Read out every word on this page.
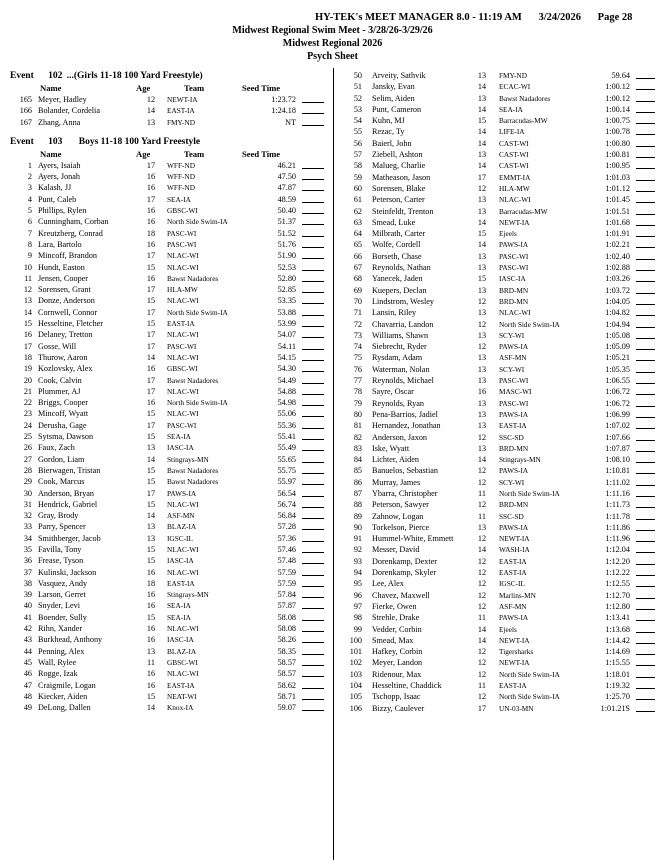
HY-TEK's MEET MANAGER 8.0 - 11:19 AM 3/24/2026 Page 28
Midwest Regional Swim Meet - 3/28/26-3/29/26
Midwest Regional 2026
Psych Sheet
Event 102 ...(Girls 11-18 100 Yard Freestyle)
Name	Age	Team	Seed Time
165 Meyer, Hadley	12	NEWT-IA	1:23.72
166 Bolander, Cordelia	14	EAST-IA	1:24.18
167 Zhang, Anna	13	FMY-ND	NT
Event 103 Boys 11-18 100 Yard Freestyle
Name	Age	Team	Seed Time
1 Ayers, Isaiah	17	WFF-ND	46.21
2 Ayers, Jonah	16	WFF-ND	47.50
3 Kalash, JJ	16	WFF-ND	47.87
4 Punt, Caleb	17	SEA-IA	48.59
5 Phillips, Rylen	16	GBSC-WI	50.40
6 Cunningham, Corban	16	North Side Swim-IA	51.37
7 Kreutzberg, Conrad	18	PASC-WI	51.52
8 Lara, Bartolo	16	PASC-WI	51.76
9 Mincoff, Brandon	17	NLAC-WI	51.90
10 Hundt, Easton	15	NLAC-WI	52.53
11 Jensen, Cooper	16	Bawst Nadadores	52.80
12 Sorensen, Grant	17	HLA-MW	52.85
13 Donze, Anderson	15	NLAC-WI	53.35
14 Cornwell, Connor	17	North Side Swim-IA	53.88
15 Hesseltine, Fletcher	15	EAST-IA	53.99
16 Delaney, Tretton	17	NLAC-WI	54.07
17 Gosse, Will	17	PASC-WI	54.11
18 Thurow, Aaron	14	NLAC-WI	54.15
19 Kozlovsky, Alex	16	GBSC-WI	54.30
20 Cook, Calvin	17	Bawst Nadadores	54.49
21 Plummer, AJ	17	NLAC-WI	54.88
22 Briggs, Cooper	16	North Side Swim-IA	54.98
23 Mincoff, Wyatt	15	NLAC-WI	55.06
24 Derusha, Gage	17	PASC-WI	55.36
25 Sytsma, Dawson	15	SEA-IA	55.41
26 Faux, Zach	13	IASC-IA	55.49
27 Gordon, Liam	14	Stingrays-MN	55.65
28 Bierwagen, Tristan	15	Bawst Nadadores	55.75
29 Cook, Marcus	15	Bawst Nadadores	55.97
30 Anderson, Bryan	17	PAWS-IA	56.54
31 Hendrick, Gabriel	15	NLAC-WI	56.74
32 Gray, Brody	14	ASF-MN	56.84
33 Parry, Spencer	13	BLAZ-IA	57.28
34 Smithberger, Jacob	13	IGSC-IL	57.36
35 Favilla, Tony	15	NLAC-WI	57.46
36 Frease, Tyson	15	IASC-IA	57.48
37 Kulinski, Jackson	16	NLAC-WI	57.59
38 Vasquez, Andy	18	EAST-IA	57.59
39 Larson, Gerret	16	Stingrays-MN	57.84
40 Snyder, Levi	16	SEA-IA	57.87
41 Boender, Sully	15	SEA-IA	58.08
42 Rihn, Xander	16	NLAC-WI	58.08
43 Burkhead, Anthony	16	IASC-IA	58.26
44 Penning, Alex	13	BLAZ-IA	58.35
45 Wall, Rylee	11	GBSC-WI	58.57
46 Rogge, Izak	16	NLAC-WI	58.57
47 Craigmile, Logan	16	EAST-IA	58.62
48 Kiecker, Aiden	15	NEAT-WI	58.71
49 DeLong, Dallen	14	Knox-IA	59.07
50 Arveity, Sathvik	13	FMY-ND	59.64
51 Jansky, Evan	14	ECAC-WI	1:00.12
52 Selim, Aiden	13	Bawst Nadadores	1:00.12
53 Punt, Cameron	14	SEA-IA	1:00.14
54 Kuhn, MJ	15	Barracudas-MW	1:00.75
55 Rezac, Ty	14	LIFE-IA	1:00.78
56 Baierl, John	14	CAST-WI	1:00.80
57 Ziebell, Ashton	13	CAST-WI	1:00.81
58 Malueg, Charlie	14	CAST-WI	1:00.95
59 Matheason, Jason	17	EMMT-IA	1:01.03
60 Sorensen, Blake	12	HLA-MW	1:01.12
61 Peterson, Carter	13	NLAC-WI	1:01.45
62 Steinfeldt, Trenton	13	Barracudas-MW	1:01.51
63 Smead, Luke	14	NEWT-IA	1:01.68
64 Milbrath, Carter	15	Ejeels	1:01.91
65 Wolfe, Cordell	14	PAWS-IA	1:02.21
66 Borseth, Chase	13	PASC-WI	1:02.40
67 Reynolds, Nathan	13	PASC-WI	1:02.88
68 Yanecek, Jaden	15	IASC-IA	1:03.26
69 Kuepers, Declan	13	BRD-MN	1:03.72
70 Lindstrom, Wesley	12	BRD-MN	1:04.05
71 Lansin, Riley	13	NLAC-WI	1:04.82
72 Chavarria, Landon	12	North Side Swim-IA	1:04.94
73 Williams, Shawn	13	SCY-WI	1:05.08
74 Siebrecht, Ryder	12	PAWS-IA	1:05.09
75 Rysdam, Adam	13	ASF-MN	1:05.21
76 Waterman, Nolan	13	SCY-WI	1:05.35
77 Reynolds, Michael	13	PASC-WI	1:06.55
78 Sayre, Oscar	16	MASC-WI	1:06.72
79 Reynolds, Ryan	13	PASC-WI	1:06.72
80 Pena-Barrios, Jadiel	13	PAWS-IA	1:06.99
81 Hernandez, Jonathan	13	EAST-IA	1:07.02
82 Anderson, Jaxon	12	SSC-SD	1:07.66
83 Iske, Wyatt	13	BRD-MN	1:07.87
84 Lichter, Aiden	14	Stingrays-MN	1:08.10
85 Banuelos, Sebastian	12	PAWS-IA	1:10.81
86 Murray, James	12	SCY-WI	1:11.02
87 Ybarra, Christopher	11	North Side Swim-IA	1:11.16
88 Peterson, Sawyer	12	BRD-MN	1:11.73
89 Zahnow, Logan	11	SSC-SD	1:11.78
90 Torkelson, Pierce	13	PAWS-IA	1:11.86
91 Hummel-White, Emmett	12	NEWT-IA	1:11.96
92 Messer, David	14	WASH-IA	1:12.04
93 Dorenkamp, Dexter	12	EAST-IA	1:12.20
94 Dorenkamp, Skyler	12	EAST-IA	1:12.22
95 Lee, Alex	12	IGSC-IL	1:12.55
96 Chavez, Maxwell	12	Marlins-MN	1:12.70
97 Fierke, Owen	12	ASF-MN	1:12.80
98 Strehle, Drake	11	PAWS-IA	1:13.41
99 Vedder, Corbin	14	Ejeels	1:13.68
100 Smead, Max	14	NEWT-IA	1:14.42
101 Hafkey, Corbin	12	Tigersharks	1:14.69
102 Meyer, Landon	12	NEWT-IA	1:15.55
103 Ridenour, Max	12	North Side Swim-IA	1:18.01
104 Hesseltine, Chaddick	11	EAST-IA	1:19.32
105 Tschopp, Isaac	12	North Side Swim-IA	1:25.70
106 Bizzy, Caulever	17	UN-03-MN	1:01.21S
